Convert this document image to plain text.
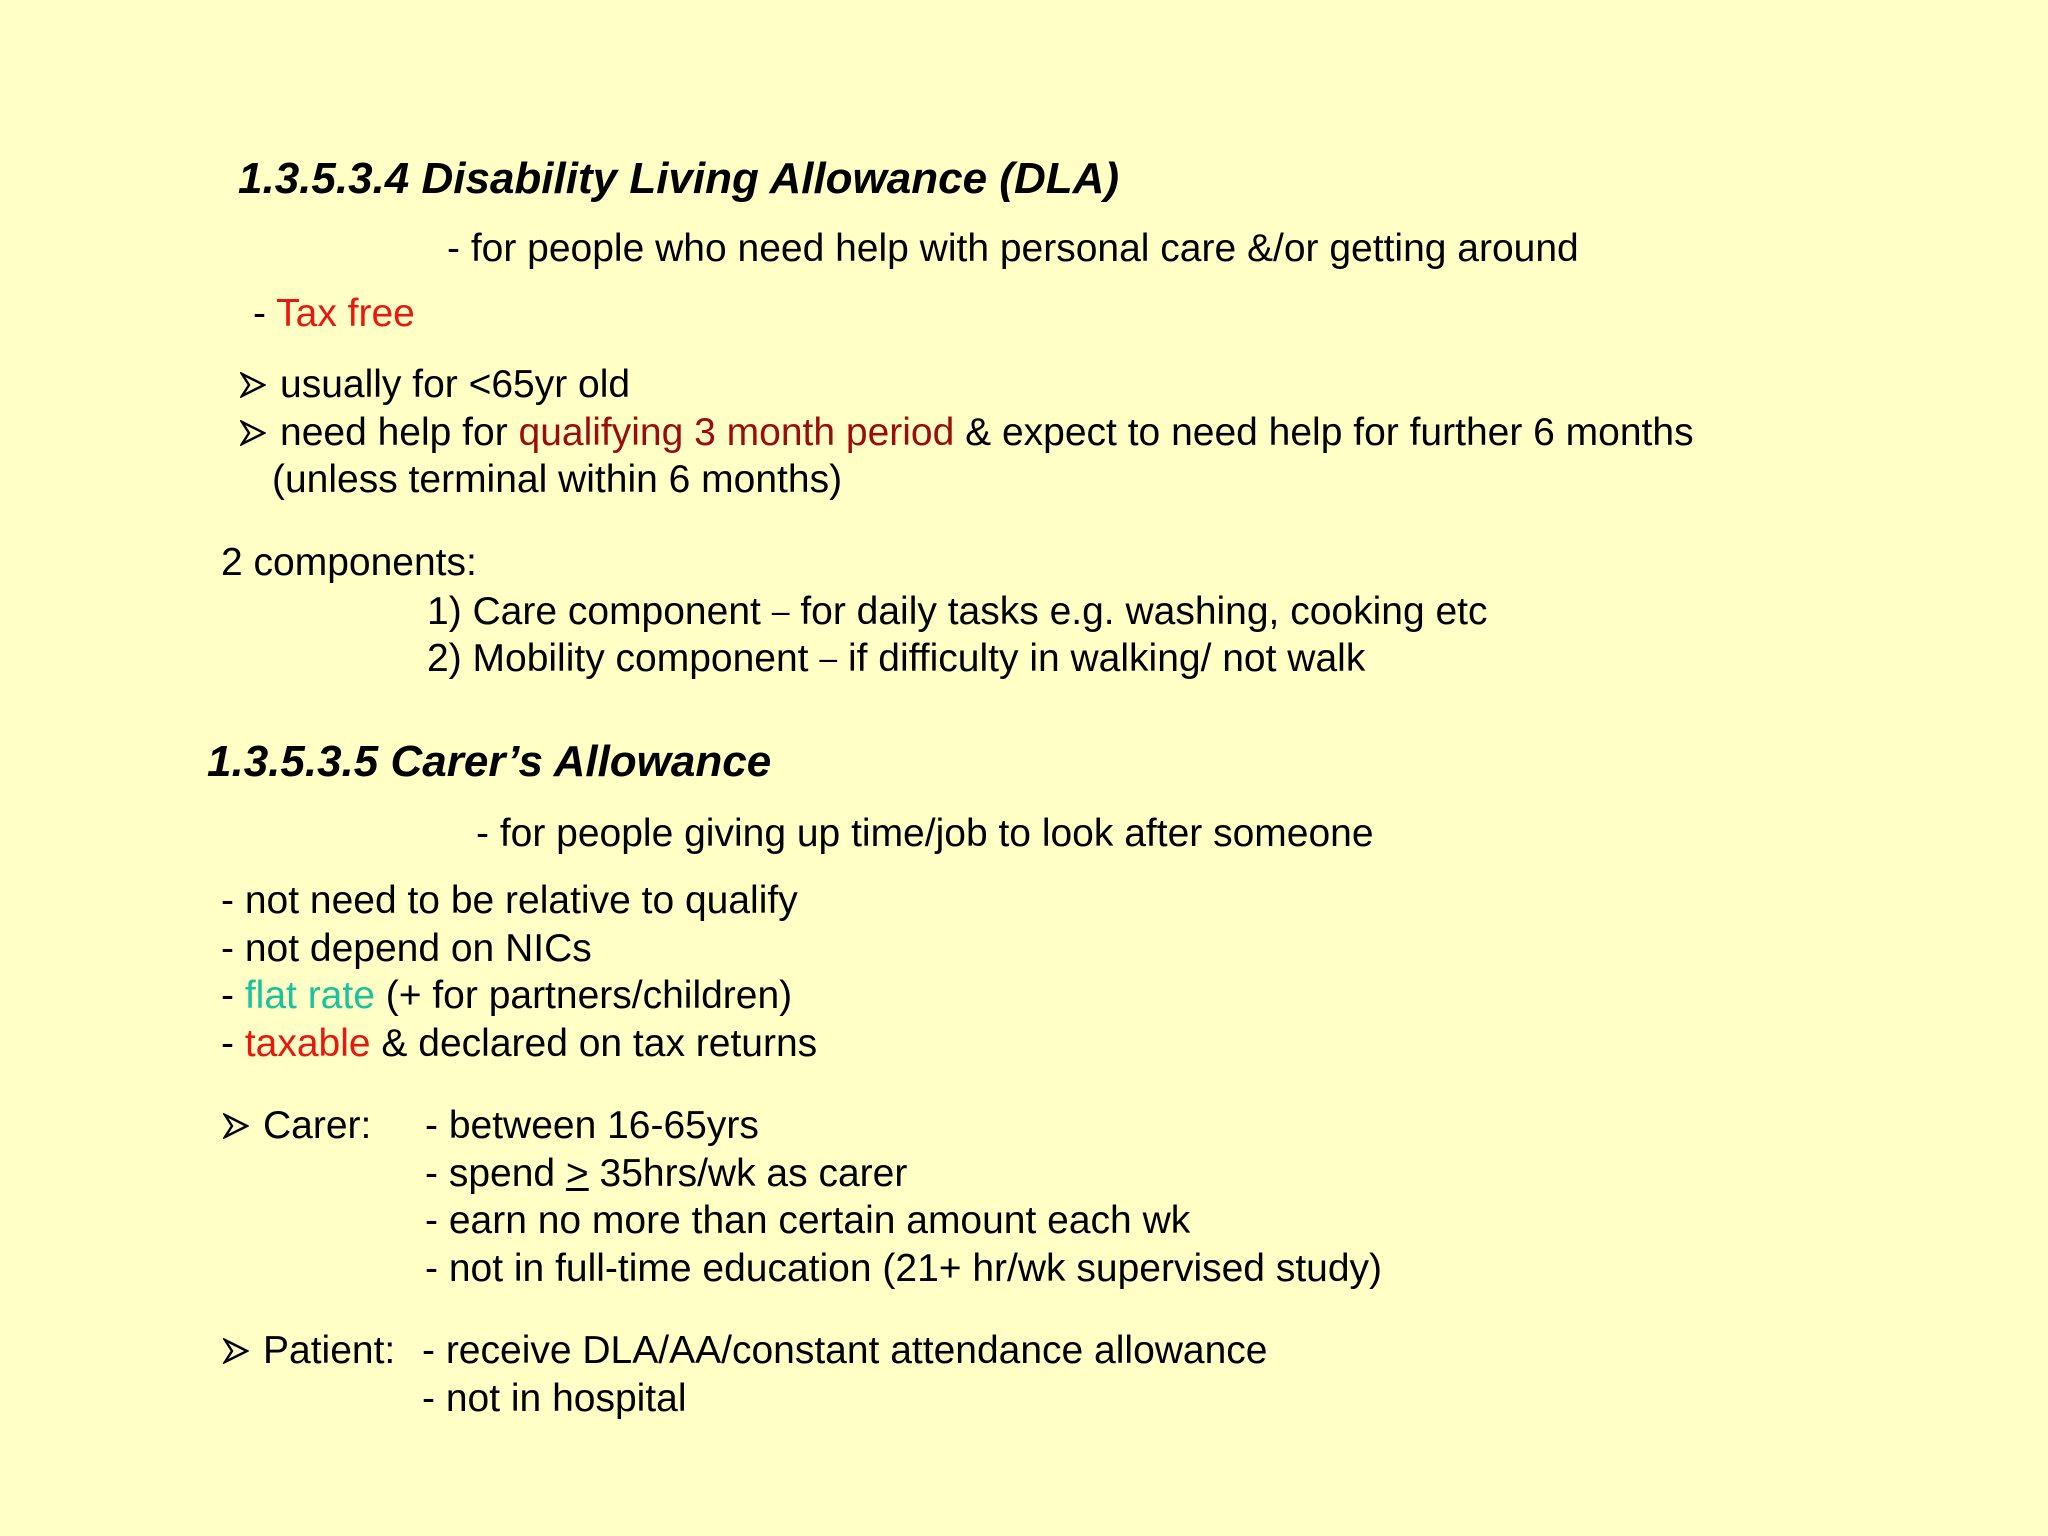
1.3.5.3.4 Disability Living Allowance (DLA)

- for people who need help with personal care &/or getting around

- Tax free

usually for <65yr old

need help for qualifying 3 month period & expect to need help for further 6 months

(unless terminal within 6 months)

2 components:

1) Care component – for daily tasks e.g. washing, cooking etc

2) Mobility component – if difficulty in walking/ not walk

1.3.5.3.5 Carer’s Allowance

- for people giving up time/job to look after someone

- not need to be relative to qualify

- not depend on NICs

- flat rate (+ for partners/children)

- taxable & declared on tax returns

Carer: - between 16-65yrs

- spend ≥ 35hrs/wk as carer

- earn no more than certain amount each wk

- not in full-time education (21+ hr/wk supervised study)

Patient: - receive DLA/AA/constant attendance allowance

- not in hospital
